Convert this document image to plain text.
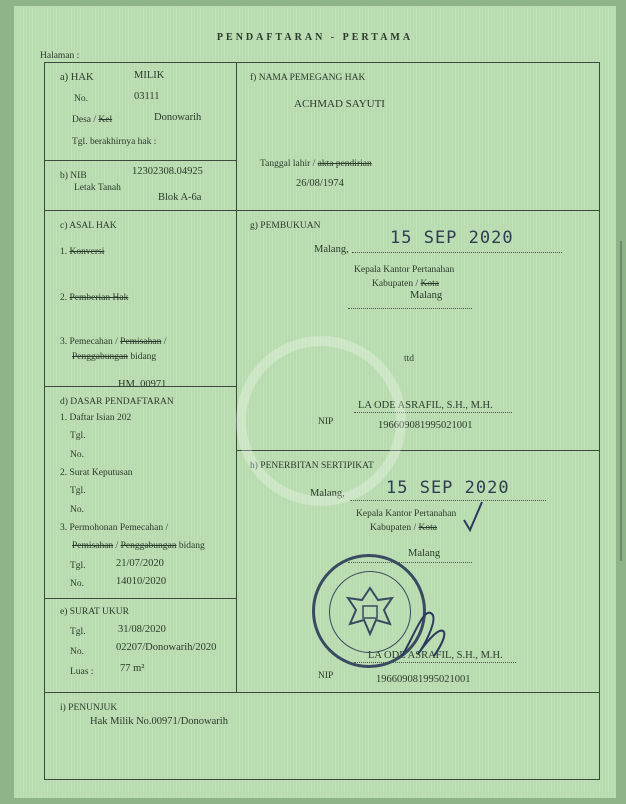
PENDAFTARAN - PERTAMA
Halaman :
a) HAK	MILIK
No.	03111
Desa / Kel	Donowarih
Tgl. berakhirnya hak :
b) NIB	12302308.04925
Letak Tanah
Blok A-6a
c) ASAL HAK
1. Konversi
2. Pemberian Hak
3. Pemecahan / Pemisahan /
Penggabungan bidang
HM. 00971
d) DASAR PENDAFTARAN
1. Daftar Isian 202
Tgl.
No.
2. Surat Keputusan
Tgl.
No.
3. Permohonan Pemecahan /
Pemisahan / Penggabungan bidang
Tgl.	21/07/2020
No.	14010/2020
e) SURAT UKUR
Tgl.	31/08/2020
No.	02207/Donowarih/2020
Luas :	77 m²
f) NAMA PEMEGANG HAK
ACHMAD SAYUTI
Tanggal lahir / akta pendirian
26/08/1974
g) PEMBUKUAN
Malang,
15 SEP 2020
Kepala Kantor Pertanahan
Kabupaten / Kota
Malang
ttd
LA ODE ASRAFIL, S.H., M.H.
NIP	196609081995021001
h) PENERBITAN SERTIPIKAT
Malang, 15 SEP 2020
Kepala Kantor Pertanahan
Kabupaten / Kota
Malang
LA ODE ASRAFIL, S.H., M.H.
NIP	196609081995021001
i) PENUNJUK
Hak Milik No.00971/Donowarih
